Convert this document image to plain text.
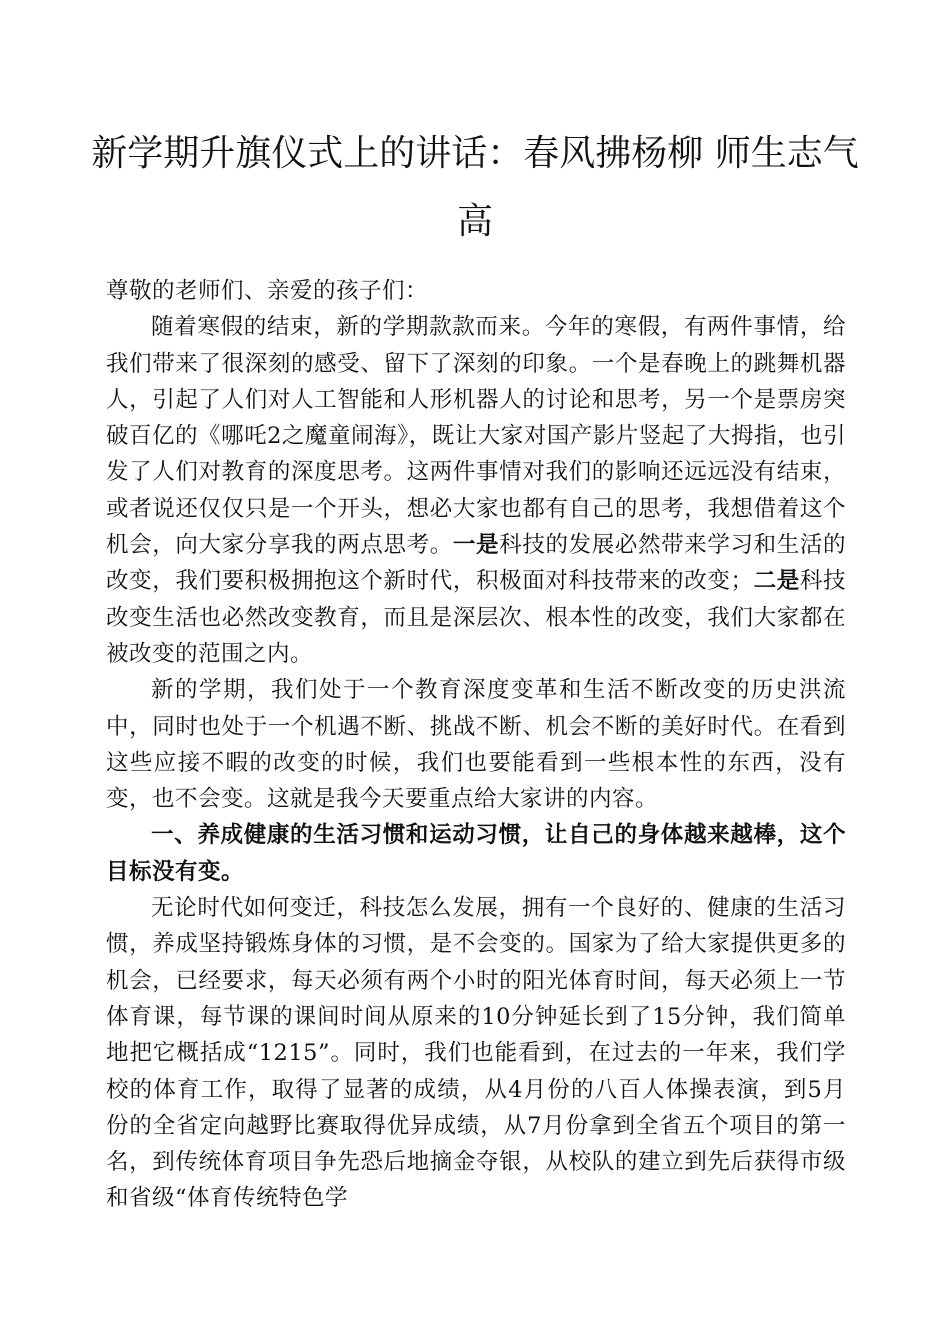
新学期升旗仪式上的讲话：春风拂杨柳 师生志气高

尊敬的老师们、亲爱的孩子们：

随着寒假的结束，新的学期款款而来。今年的寒假，有两件事情，给我们带来了很深刻的感受、留下了深刻的印象。一个是春晚上的跳舞机器人，引起了人们对人工智能和人形机器人的讨论和思考，另一个是票房突破百亿的《哪吒2之魔童闹海》，既让大家对国产影片竖起了大拇指，也引发了人们对教育的深度思考。这两件事情对我们的影响还远远没有结束，或者说还仅仅只是一个开头，想必大家也都有自己的思考，我想借着这个机会，向大家分享我的两点思考。一是科技的发展必然带来学习和生活的改变，我们要积极拥抱这个新时代，积极面对科技带来的改变；二是科技改变生活也必然改变教育，而且是深层次、根本性的改变，我们大家都在被改变的范围之内。

新的学期，我们处于一个教育深度变革和生活不断改变的历史洪流中，同时也处于一个机遇不断、挑战不断、机会不断的美好时代。在看到这些应接不暇的改变的时候，我们也要能看到一些根本性的东西，没有变，也不会变。这就是我今天要重点给大家讲的内容。

一、养成健康的生活习惯和运动习惯，让自己的身体越来越棒，这个目标没有变。

无论时代如何变迁，科技怎么发展，拥有一个良好的、健康的生活习惯，养成坚持锻炼身体的习惯，是不会变的。国家为了给大家提供更多的机会，已经要求，每天必须有两个小时的阳光体育时间，每天必须上一节体育课，每节课的课间时间从原来的10分钟延长到了15分钟，我们简单地把它概括成“1215”。同时，我们也能看到，在过去的一年来，我们学校的体育工作，取得了显著的成绩，从4月份的八百人体操表演，到5月份的全省定向越野比赛取得优异成绩，从7月份拿到全省五个项目的第一名，到传统体育项目争先恐后地摘金夺银，从校队的建立到先后获得市级和省级“体育传统特色学
